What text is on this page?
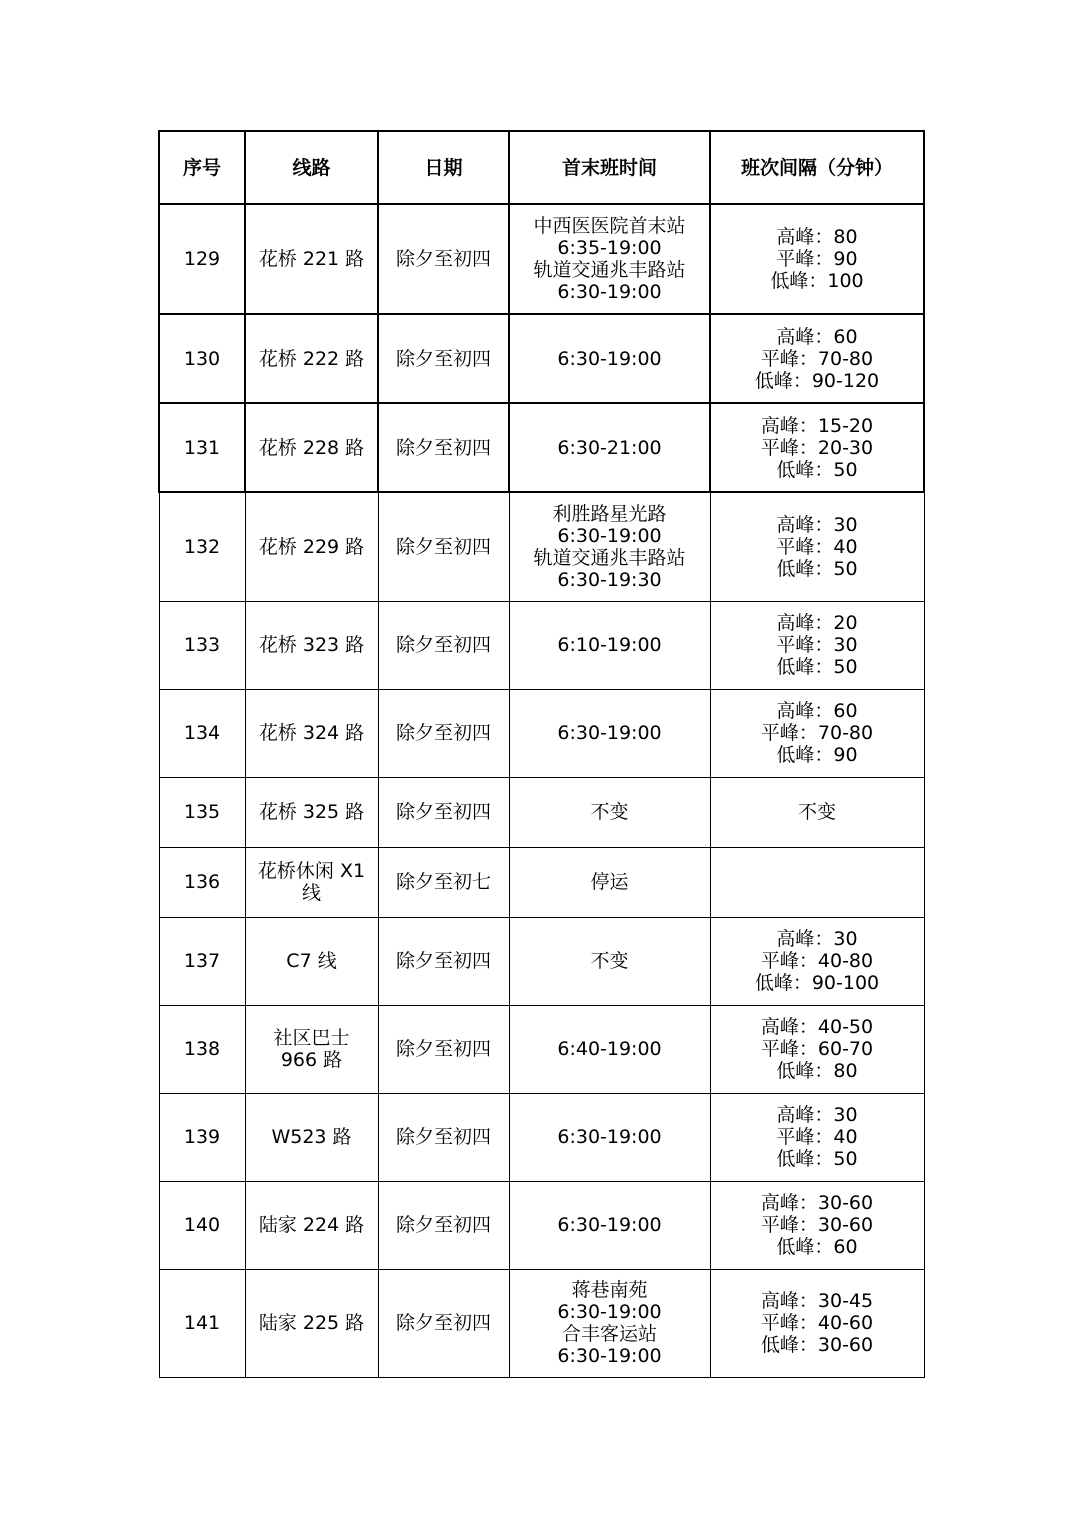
序号	线路	日期	首末班时间	班次间隔（分钟）
129	花桥 221 路	除夕至初四	中西医医院首末站
6:35-19:00
轨道交通兆丰路站
6:30-19:00	高峰：80
平峰：90
低峰：100
130	花桥 222 路	除夕至初四	6:30-19:00	高峰：60
平峰：70-80
低峰：90-120
131	花桥 228 路	除夕至初四	6:30-21:00	高峰：15-20
平峰：20-30
低峰：50
132	花桥 229 路	除夕至初四	利胜路星光路
6:30-19:00
轨道交通兆丰路站
6:30-19:30	高峰：30
平峰：40
低峰：50
133	花桥 323 路	除夕至初四	6:10-19:00	高峰：20
平峰：30
低峰：50
134	花桥 324 路	除夕至初四	6:30-19:00	高峰：60
平峰：70-80
低峰：90
135	花桥 325 路	除夕至初四	不变	不变
136	花桥休闲 X1
线	除夕至初七	停运	
137	C7 线	除夕至初四	不变	高峰：30
平峰：40-80
低峰：90-100
138	社区巴士
966 路	除夕至初四	6:40-19:00	高峰：40-50
平峰：60-70
低峰：80
139	W523 路	除夕至初四	6:30-19:00	高峰：30
平峰：40
低峰：50
140	陆家 224 路	除夕至初四	6:30-19:00	高峰：30-60
平峰：30-60
低峰：60
141	陆家 225 路	除夕至初四	蒋巷南苑
6:30-19:00
合丰客运站
6:30-19:00	高峰：30-45
平峰：40-60
低峰：30-60
